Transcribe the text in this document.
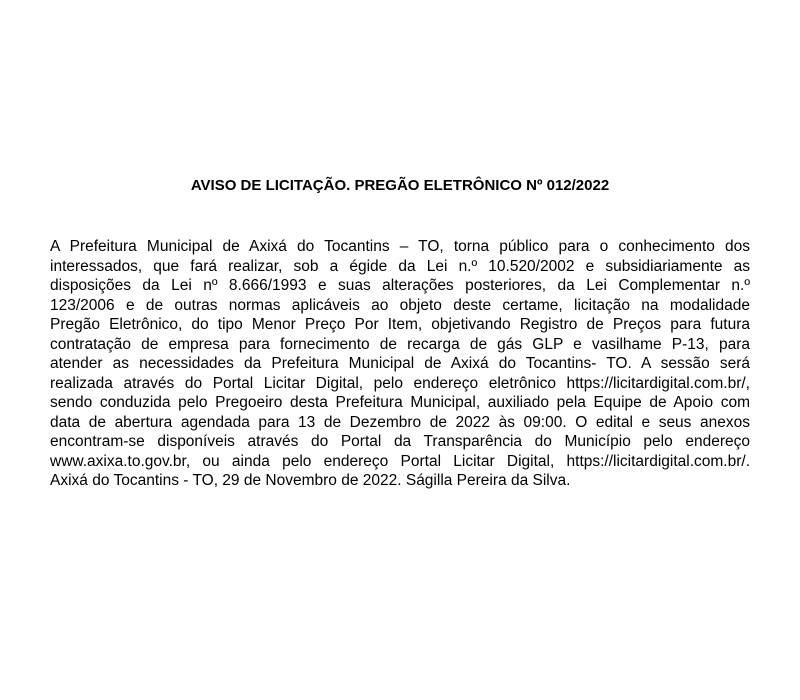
AVISO DE LICITAÇÃO. PREGÃO ELETRÔNICO Nº 012/2022
A Prefeitura Municipal de Axixá do Tocantins – TO, torna público para o conhecimento dos
interessados, que fará realizar, sob a égide da Lei n.º 10.520/2002 e subsidiariamente as
disposições da Lei nº 8.666/1993 e suas alterações posteriores, da Lei Complementar n.º
123/2006 e de outras normas aplicáveis ao objeto deste certame, licitação na modalidade
Pregão Eletrônico, do tipo Menor Preço Por Item, objetivando Registro de Preços para futura
contratação de empresa para fornecimento de recarga de gás GLP e vasilhame P-13, para
atender as necessidades da Prefeitura Municipal de Axixá do Tocantins- TO. A sessão será
realizada através do Portal Licitar Digital, pelo endereço eletrônico https://licitardigital.com.br/,
sendo conduzida pelo Pregoeiro desta Prefeitura Municipal, auxiliado pela Equipe de Apoio com
data de abertura agendada para 13 de Dezembro de 2022 às 09:00. O edital e seus anexos
encontram-se disponíveis através do Portal da Transparência do Município pelo endereço
www.axixa.to.gov.br, ou ainda pelo endereço Portal Licitar Digital, https://licitardigital.com.br/.
Axixá do Tocantins - TO, 29 de Novembro de 2022. Ságilla Pereira da Silva.
